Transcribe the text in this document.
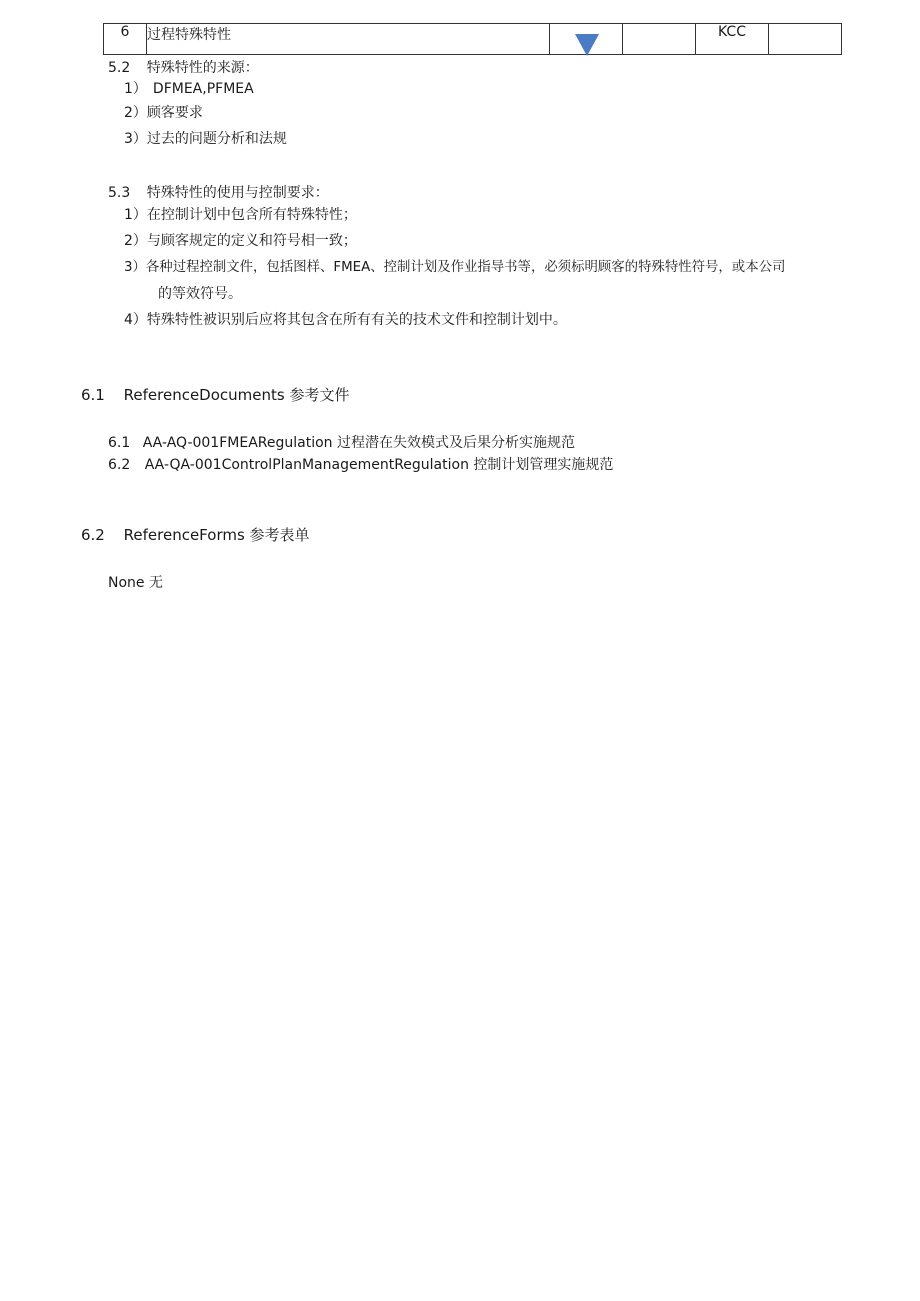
6	过程特殊特性			KCC	
5.2 特殊特性的来源：
1） DFMEA,PFMEA
2）顾客要求
3）过去的问题分析和法规
5.3 特殊特性的使用与控制要求：
1）在控制计划中包含所有特殊特性；
2）与顾客规定的定义和符号相一致；
3）各种过程控制文件，包括图样、FMEA、控制计划及作业指导书等，必须标明顾客的特殊特性符号，或本公司
的等效符号。
4）特殊特性被识别后应将其包含在所有有关的技术文件和控制计划中。
6.1 ReferenceDocuments 参考文件
6.1 AA-AQ-001FMEARegulation 过程潜在失效模式及后果分析实施规范
6.2 AA-QA-001ControlPlanManagementRegulation 控制计划管理实施规范
6.2 ReferenceForms 参考表单
None 无
